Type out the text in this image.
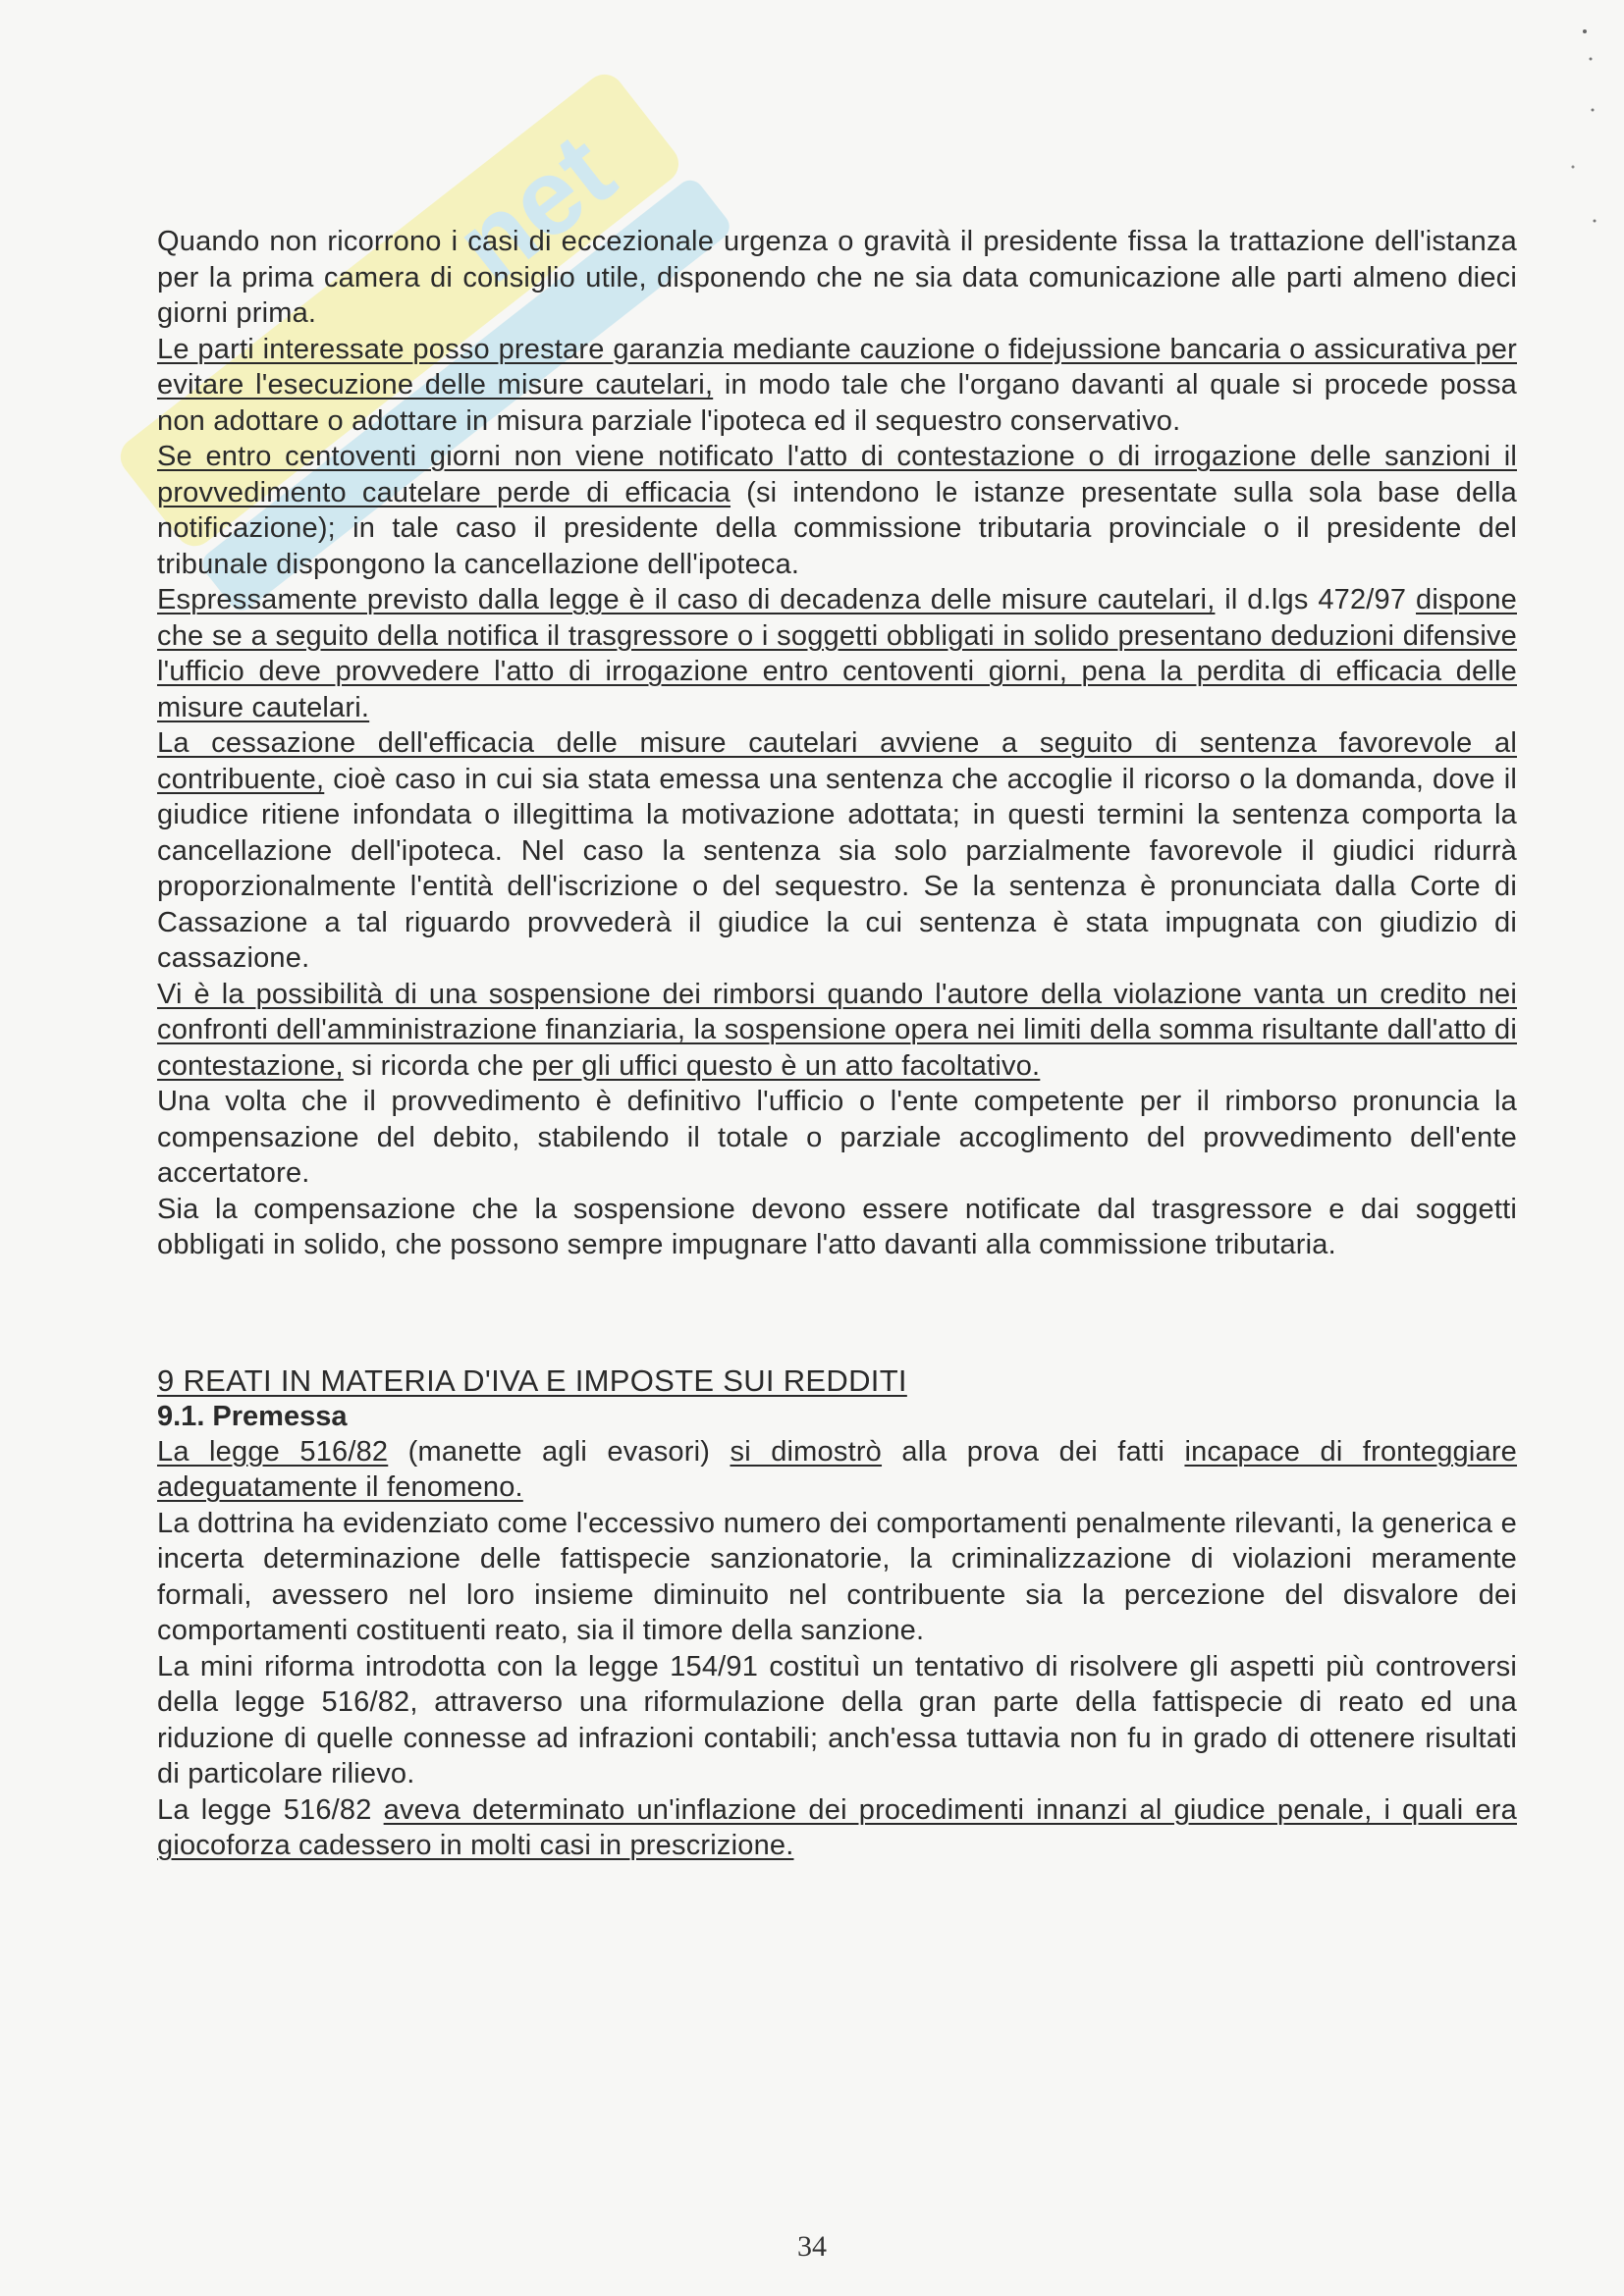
net

Quando non ricorrono i casi di eccezionale urgenza o gravità il presidente fissa la trattazione dell'istanza per la prima camera di consiglio utile, disponendo che ne sia data comunicazione alle parti almeno dieci giorni prima.

Le parti interessate posso prestare garanzia mediante cauzione o fidejussione bancaria o assicurativa per evitare l'esecuzione delle misure cautelari, in modo tale che l'organo davanti al quale si procede possa non adottare o adottare in misura parziale l'ipoteca ed il sequestro conservativo.

Se entro centoventi giorni non viene notificato l'atto di contestazione o di irrogazione delle sanzioni il provvedimento cautelare perde di efficacia (si intendono le istanze presentate sulla sola base della notificazione); in tale caso il presidente della commissione tributaria provinciale o il presidente del tribunale dispongono la cancellazione dell'ipoteca.

Espressamente previsto dalla legge è il caso di decadenza delle misure cautelari, il d.lgs 472/97 dispone che se a seguito della notifica il trasgressore o i soggetti obbligati in solido presentano deduzioni difensive l'ufficio deve provvedere l'atto di irrogazione entro centoventi giorni, pena la perdita di efficacia delle misure cautelari.

La cessazione dell'efficacia delle misure cautelari avviene a seguito di sentenza favorevole al contribuente, cioè caso in cui sia stata emessa una sentenza che accoglie il ricorso o la domanda, dove il giudice ritiene infondata o illegittima la motivazione adottata; in questi termini la sentenza comporta la cancellazione dell'ipoteca. Nel caso la sentenza sia solo parzialmente favorevole il giudici ridurrà proporzionalmente l'entità dell'iscrizione o del sequestro. Se la sentenza è pronunciata dalla Corte di Cassazione a tal riguardo provvederà il giudice la cui sentenza è stata impugnata con giudizio di cassazione.

Vi è la possibilità di una sospensione dei rimborsi quando l'autore della violazione vanta un credito nei confronti dell'amministrazione finanziaria, la sospensione opera nei limiti della somma risultante dall'atto di contestazione, si ricorda che per gli uffici questo è un atto facoltativo.

Una volta che il provvedimento è definitivo l'ufficio o l'ente competente per il rimborso pronuncia la compensazione del debito, stabilendo il totale o parziale accoglimento del provvedimento dell'ente accertatore.

Sia la compensazione che la sospensione devono essere notificate dal trasgressore e dai soggetti obbligati in solido, che possono sempre impugnare l'atto davanti alla commissione tributaria.

9 REATI IN MATERIA D'IVA E IMPOSTE SUI REDDITI
9.1. Premessa

La legge 516/82 (manette agli evasori) si dimostrò alla prova dei fatti incapace di fronteggiare adeguatamente il fenomeno.

La dottrina ha evidenziato come l'eccessivo numero dei comportamenti penalmente rilevanti, la generica e incerta determinazione delle fattispecie sanzionatorie, la criminalizzazione di violazioni meramente formali, avessero nel loro insieme diminuito nel contribuente sia la percezione del disvalore dei comportamenti costituenti reato, sia il timore della sanzione.

La mini riforma introdotta con la legge 154/91 costituì un tentativo di risolvere gli aspetti più controversi della legge 516/82, attraverso una riformulazione della gran parte della fattispecie di reato ed una riduzione di quelle connesse ad infrazioni contabili; anch'essa tuttavia non fu in grado di ottenere risultati di particolare rilievo.

La legge 516/82 aveva determinato un'inflazione dei procedimenti innanzi al giudice penale, i quali era giocoforza cadessero in molti casi in prescrizione.

34
